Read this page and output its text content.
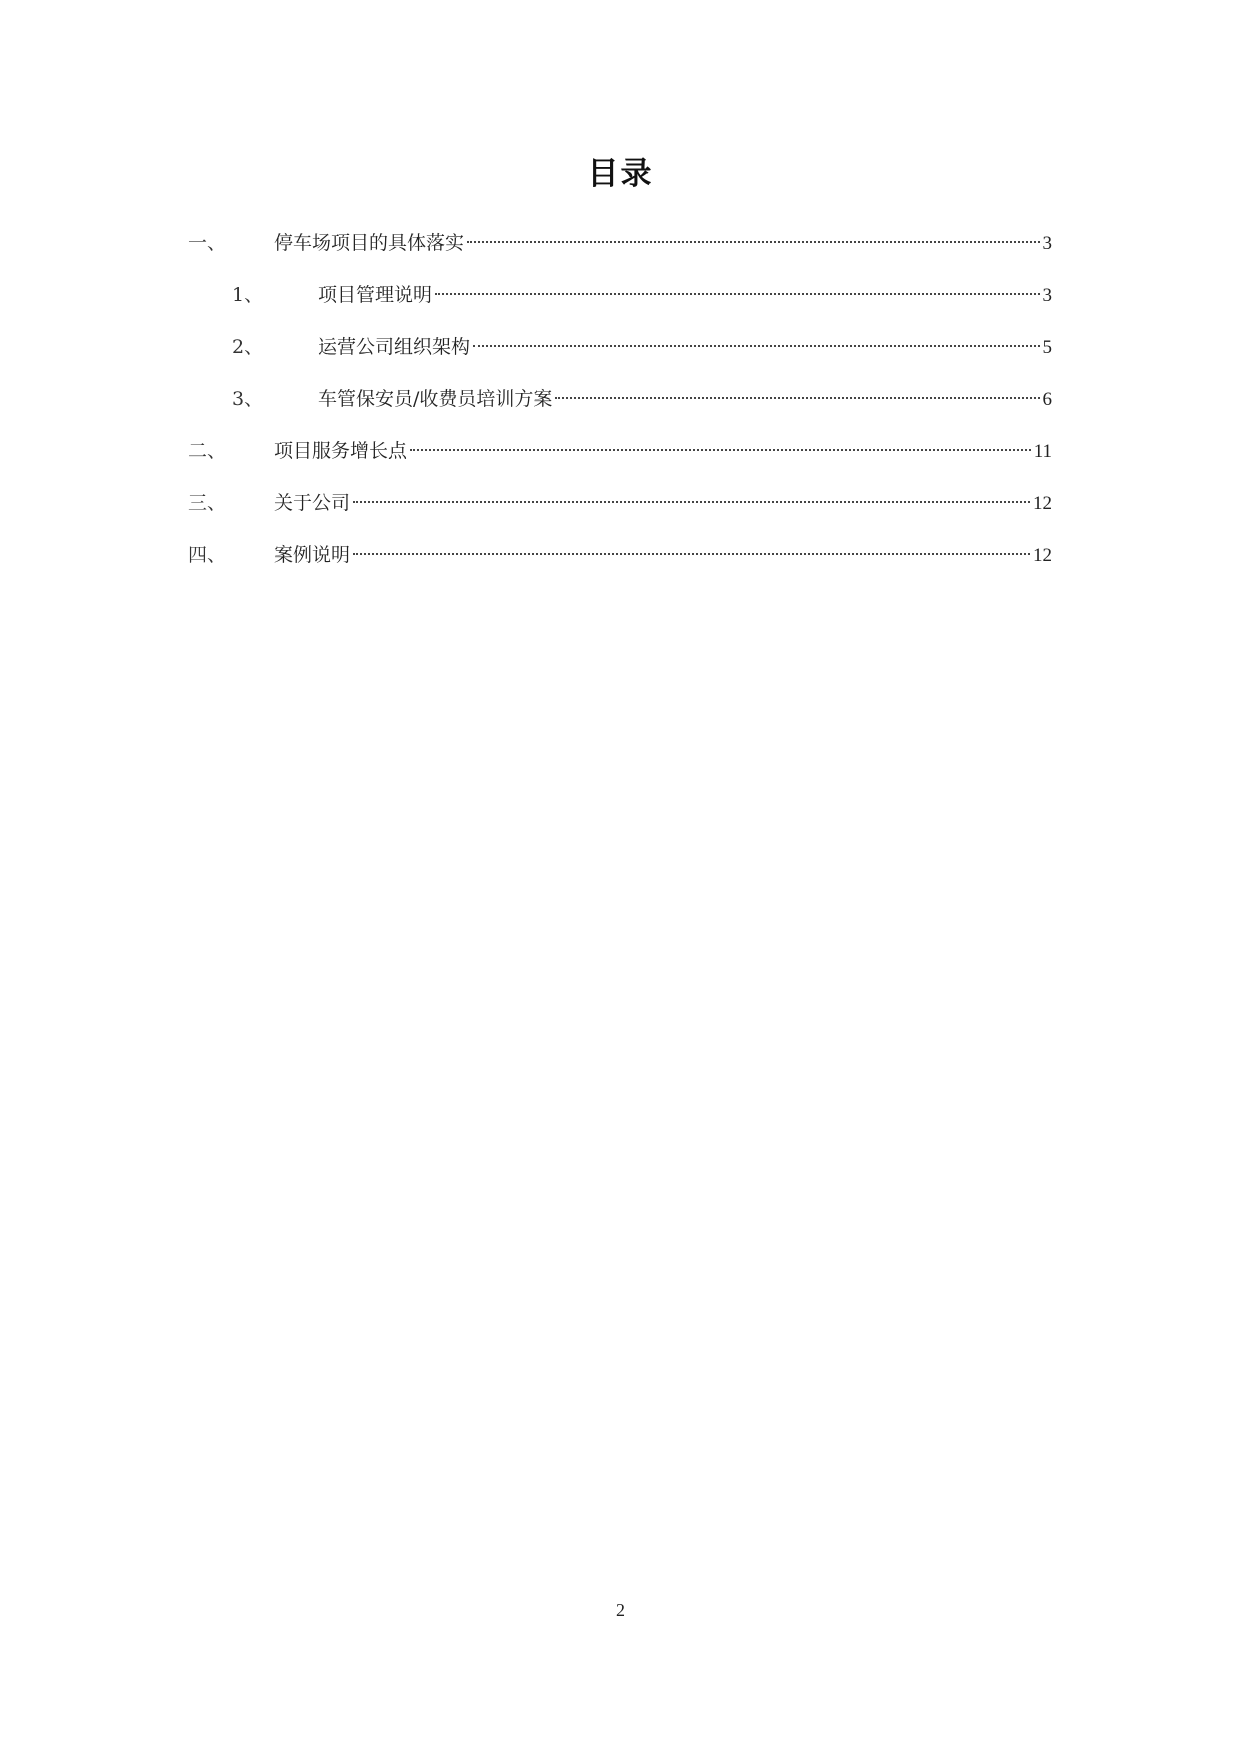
目录
一、	停车场项目的具体落实	3
1、	项目管理说明	3
2、	运营公司组织架构	5
3、	车管保安员/收费员培训方案	6
二、	项目服务增长点	11
三、	关于公司	12
四、	案例说明	12
2
